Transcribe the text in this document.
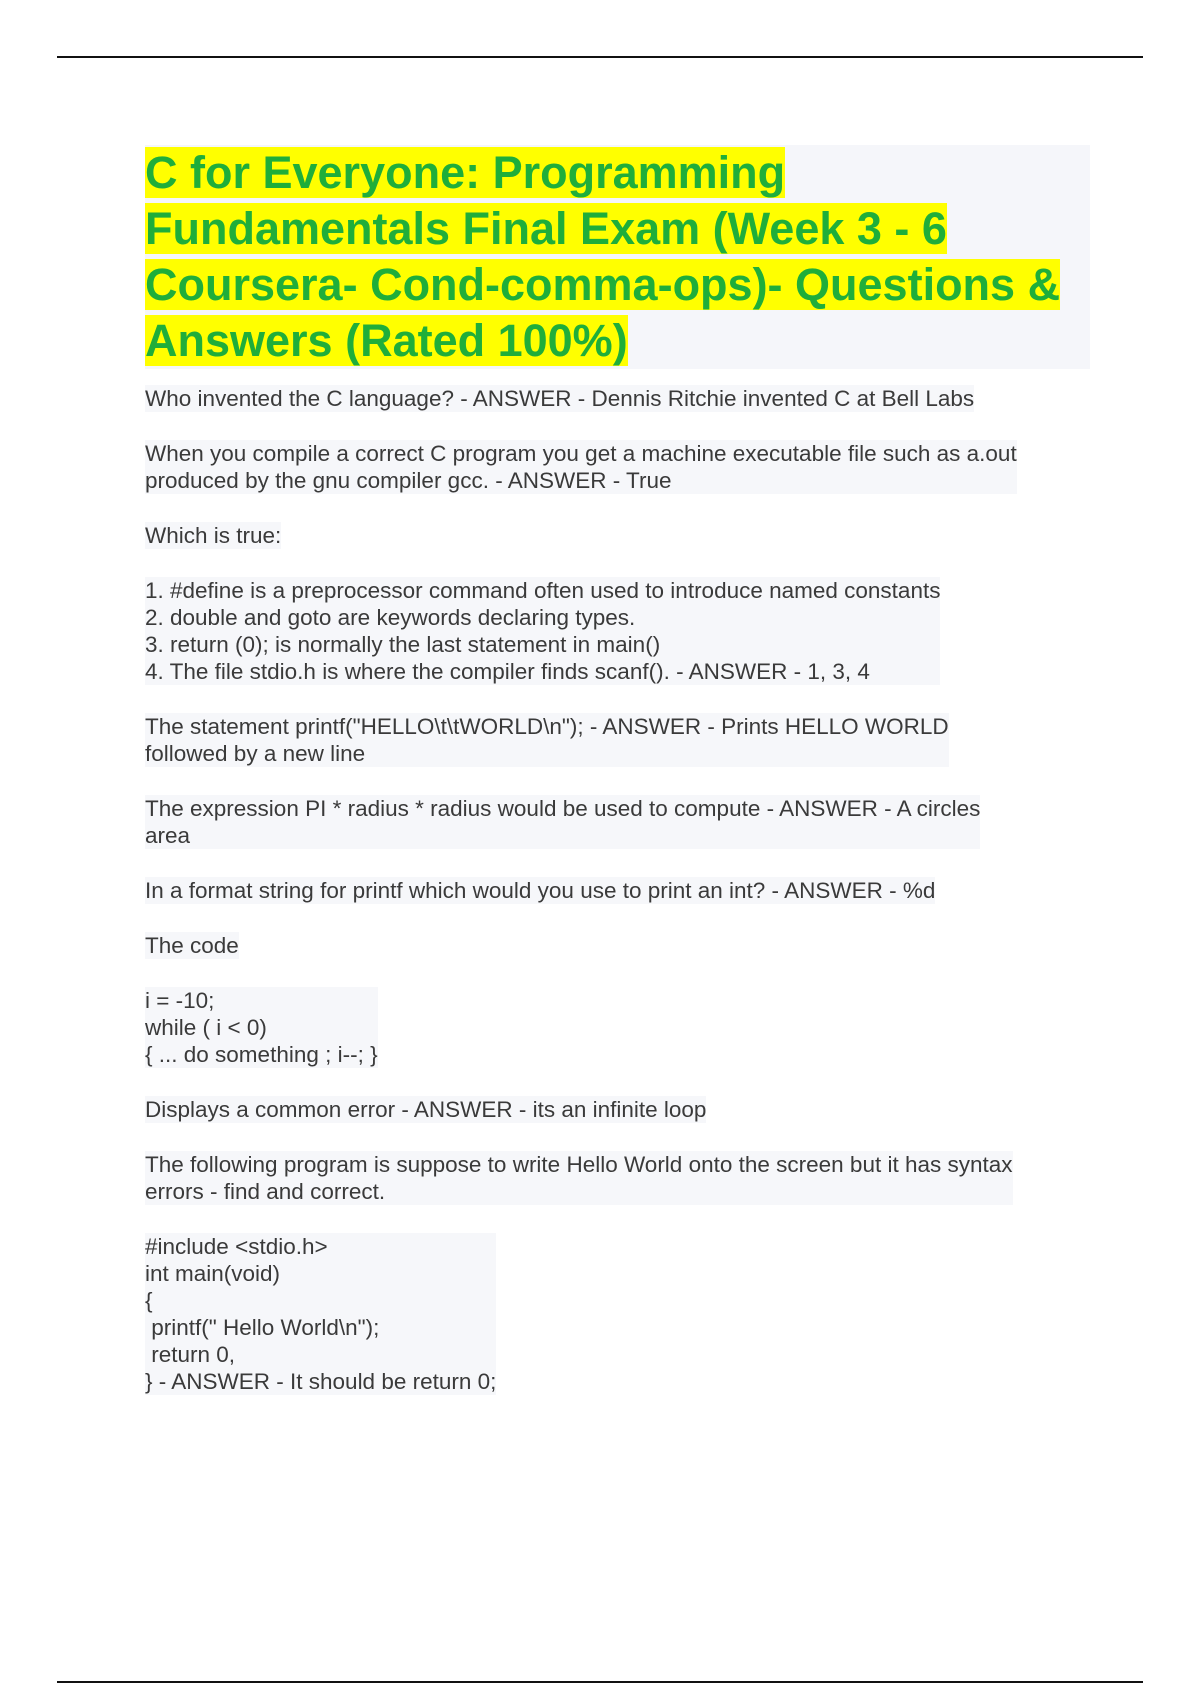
C for Everyone: Programming Fundamentals Final Exam (Week 3 - 6 Coursera- Cond-comma-ops)- Questions & Answers (Rated 100%)
Who invented the C language? - ANSWER - Dennis Ritchie invented C at Bell Labs
When you compile a correct C program you get a machine executable file such as a.out
produced by the gnu compiler gcc. - ANSWER - True
Which is true:
1. #define is a preprocessor command often used to introduce named constants
2. double and goto are keywords declaring types.
3. return (0); is normally the last statement in main()
4. The file stdio.h is where the compiler finds scanf(). - ANSWER - 1, 3, 4
The statement printf("HELLO\t\tWORLD\n"); - ANSWER - Prints HELLO WORLD
followed by a new line
The expression PI * radius * radius would be used to compute - ANSWER - A circles
area
In a format string for printf which would you use to print an int? - ANSWER - %d
The code
i = -10;
while ( i < 0)
{ ... do something ; i--; }
Displays a common error - ANSWER - its an infinite loop
The following program is suppose to write Hello World onto the screen but it has syntax
errors - find and correct.
#include <stdio.h>
int main(void)
{
printf(" Hello World\n");
return 0,
} - ANSWER - It should be return 0;
